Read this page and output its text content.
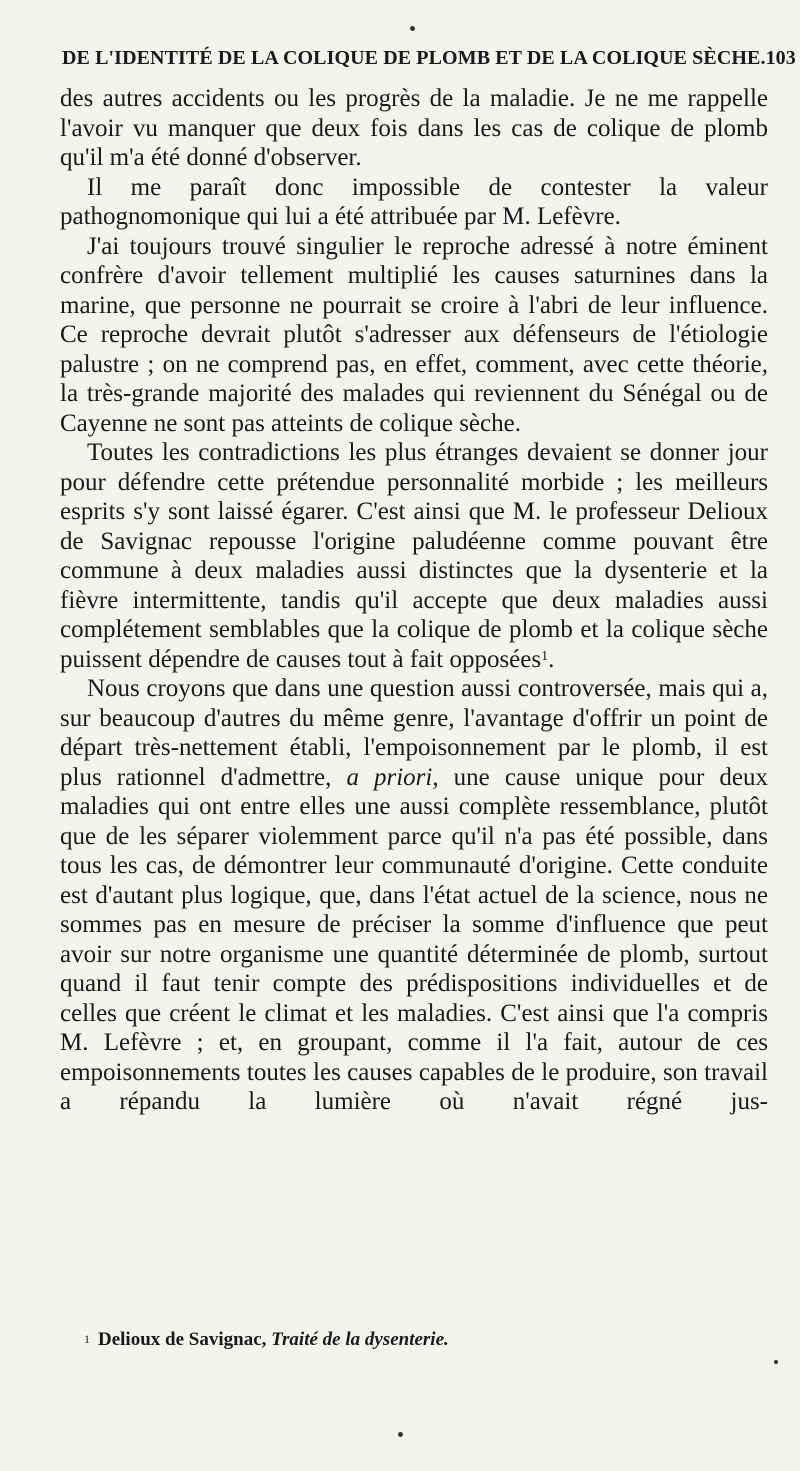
DE L'IDENTITÉ DE LA COLIQUE DE PLOMB ET DE LA COLIQUE SÈCHE. 103

des autres accidents ou les progrès de la maladie. Je ne me rappelle l'avoir vu manquer que deux fois dans les cas de colique de plomb qu'il m'a été donné d'observer.

Il me paraît donc impossible de contester la valeur pathognomonique qui lui a été attribuée par M. Lefèvre.

J'ai toujours trouvé singulier le reproche adressé à notre éminent confrère d'avoir tellement multiplié les causes saturnines dans la marine, que personne ne pourrait se croire à l'abri de leur influence. Ce reproche devrait plutôt s'adresser aux défenseurs de l'étiologie palustre ; on ne comprend pas, en effet, comment, avec cette théorie, la très-grande majorité des malades qui reviennent du Sénégal ou de Cayenne ne sont pas atteints de colique sèche.

Toutes les contradictions les plus étranges devaient se donner jour pour défendre cette prétendue personnalité morbide ; les meilleurs esprits s'y sont laissé égarer. C'est ainsi que M. le professeur Delioux de Savignac repousse l'origine paludéenne comme pouvant être commune à deux maladies aussi distinctes que la dysenterie et la fièvre intermittente, tandis qu'il accepte que deux maladies aussi complétement semblables que la colique de plomb et la colique sèche puissent dépendre de causes tout à fait opposées$^1$.

Nous croyons que dans une question aussi controversée, mais qui a, sur beaucoup d'autres du même genre, l'avantage d'offrir un point de départ très-nettement établi, l'empoisonnement par le plomb, il est plus rationnel d'admettre, a priori, une cause unique pour deux maladies qui ont entre elles une aussi complète ressemblance, plutôt que de les séparer violemment parce qu'il n'a pas été possible, dans tous les cas, de démontrer leur communauté d'origine. Cette conduite est d'autant plus logique, que, dans l'état actuel de la science, nous ne sommes pas en mesure de préciser la somme d'influence que peut avoir sur notre organisme une quantité déterminée de plomb, surtout quand il faut tenir compte des prédispositions individuelles et de celles que créent le climat et les maladies. C'est ainsi que l'a compris M. Lefèvre ; et, en groupant, comme il l'a fait, autour de ces empoisonnements toutes les causes capables de le produire, son travail a répandu la lumière où n'avait régné jus-

$^1$ Delioux de Savignac, Traité de la dysenterie.
